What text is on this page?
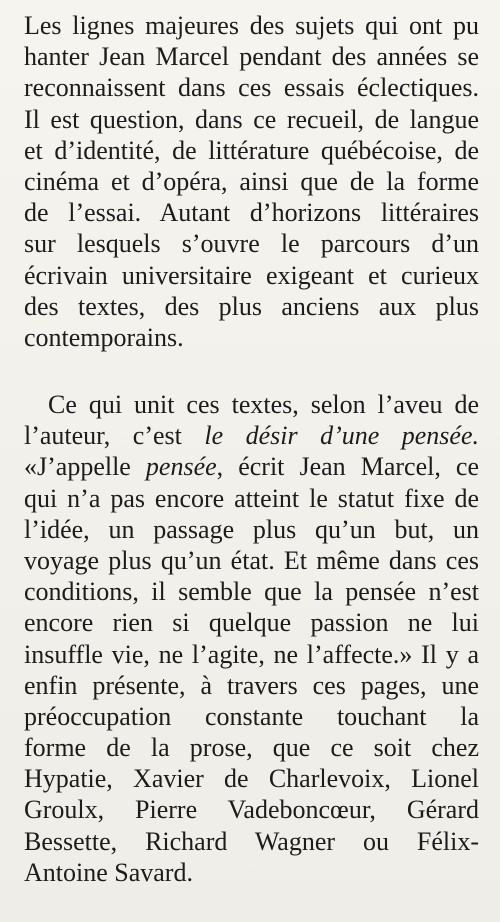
Les lignes majeures des sujets qui ont pu
hanter Jean Marcel pendant des années se
reconnaissent dans ces essais éclectiques.
Il est question, dans ce recueil, de langue
et d’identité, de littérature québécoise, de
cinéma et d’opéra, ainsi que de la forme
de l’essai. Autant d’horizons littéraires
sur lesquels s’ouvre le parcours d’un
écrivain universitaire exigeant et curieux
des textes, des plus anciens aux plus
contemporains.
Ce qui unit ces textes, selon l’aveu de
l’auteur, c’est le désir d’une pensée.
«J’appelle pensée, écrit Jean Marcel, ce
qui n’a pas encore atteint le statut fixe de
l’idée, un passage plus qu’un but, un
voyage plus qu’un état. Et même dans ces
conditions, il semble que la pensée n’est
encore rien si quelque passion ne lui
insuffle vie, ne l’agite, ne l’affecte.» Il y a
enfin présente, à travers ces pages, une
préoccupation constante touchant la
forme de la prose, que ce soit chez
Hypatie, Xavier de Charlevoix, Lionel
Groulx, Pierre Vadeboncœur, Gérard
Bessette, Richard Wagner ou Félix-
Antoine Savard.
